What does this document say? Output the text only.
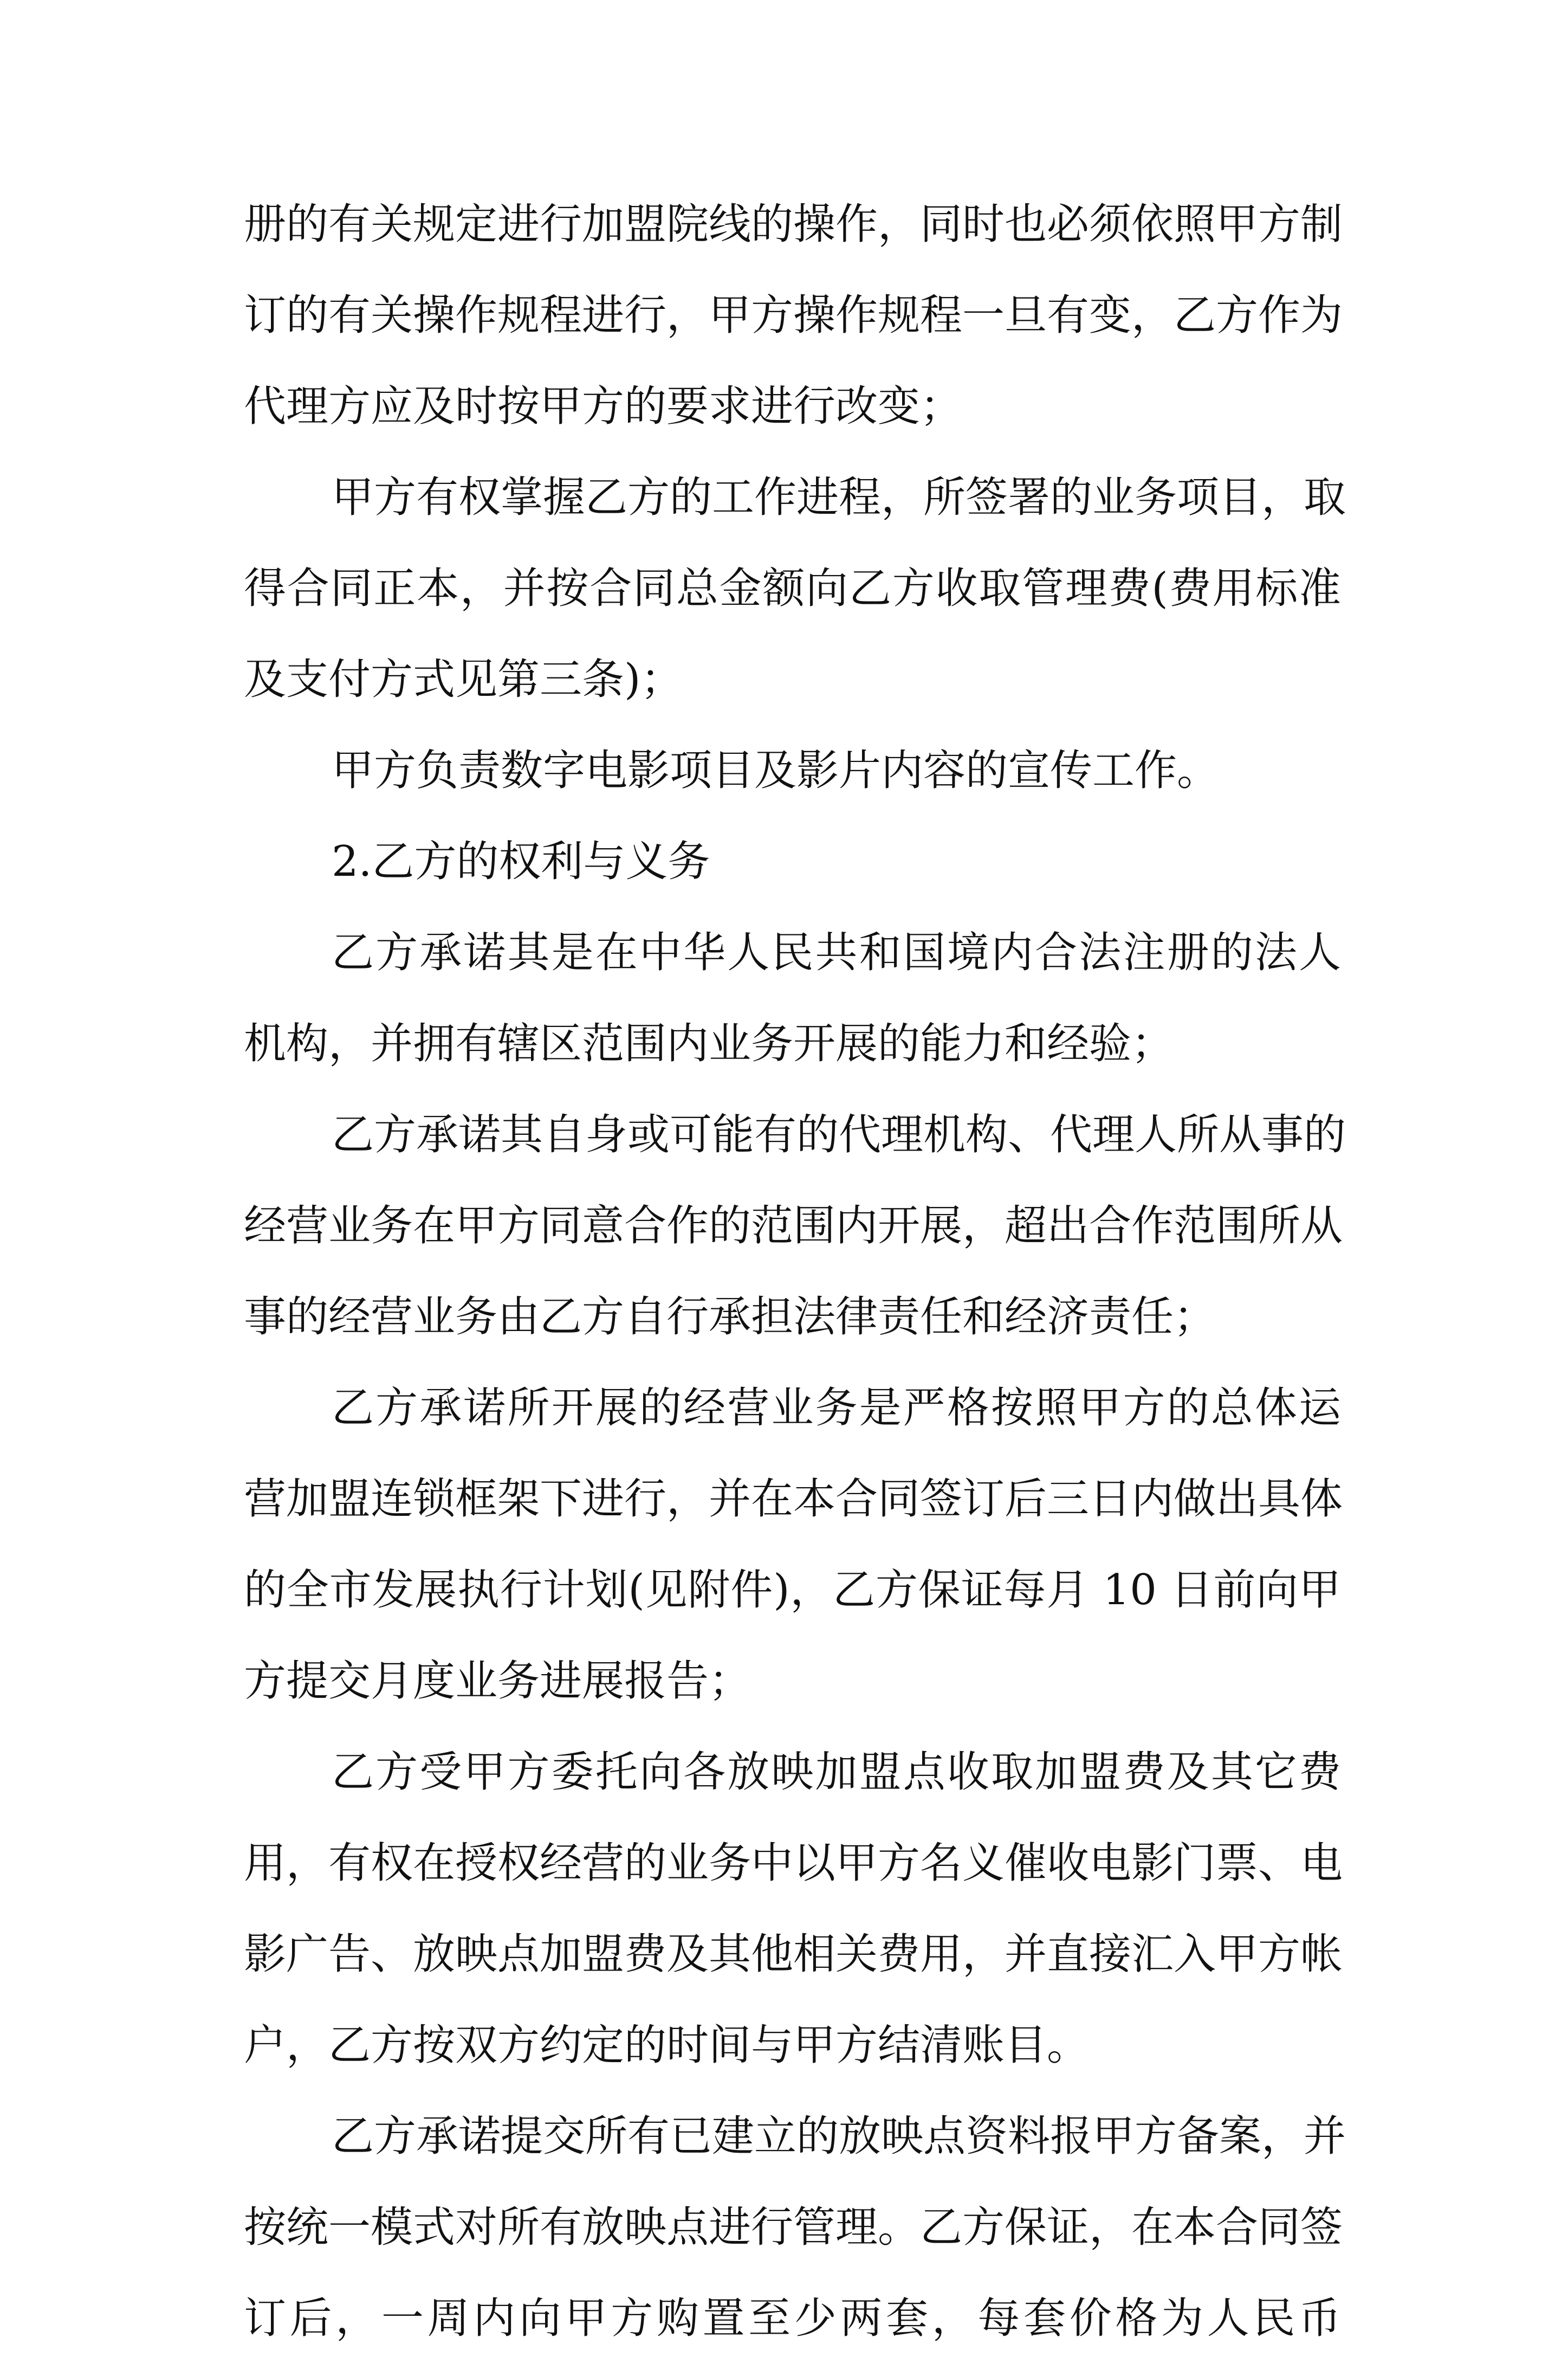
册的有关规定进行加盟院线的操作，同时也必须依照甲方制
订的有关操作规程进行，甲方操作规程一旦有变，乙方作为
代理方应及时按甲方的要求进行改变；
甲方有权掌握乙方的工作进程，所签署的业务项目，取
得合同正本，并按合同总金额向乙方收取管理费(费用标准
及支付方式见第三条)；
甲方负责数字电影项目及影片内容的宣传工作。
2.乙方的权利与义务
乙方承诺其是在中华人民共和国境内合法注册的法人
机构，并拥有辖区范围内业务开展的能力和经验；
乙方承诺其自身或可能有的代理机构、代理人所从事的
经营业务在甲方同意合作的范围内开展，超出合作范围所从
事的经营业务由乙方自行承担法律责任和经济责任；
乙方承诺所开展的经营业务是严格按照甲方的总体运
营加盟连锁框架下进行，并在本合同签订后三日内做出具体
的全市发展执行计划(见附件)，乙方保证每月 10 日前向甲
方提交月度业务进展报告；
乙方受甲方委托向各放映加盟点收取加盟费及其它费
用，有权在授权经营的业务中以甲方名义催收电影门票、电
影广告、放映点加盟费及其他相关费用，并直接汇入甲方帐
户，乙方按双方约定的时间与甲方结清账目。
乙方承诺提交所有已建立的放映点资料报甲方备案，并
按统一模式对所有放映点进行管理。乙方保证，在本合同签
订后，一周内向甲方购置至少两套，每套价格为人民币
